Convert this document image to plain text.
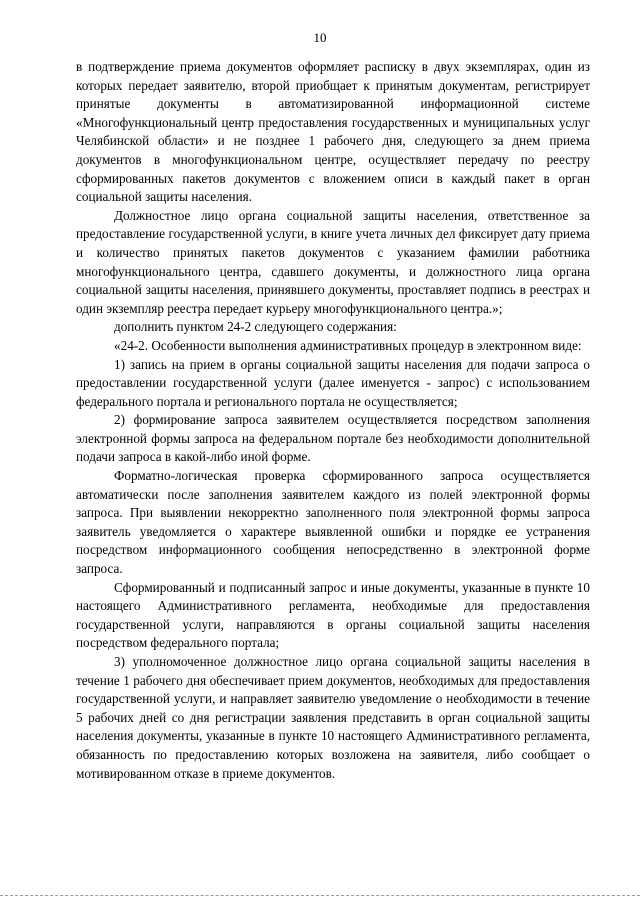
10

в подтверждение приема документов оформляет расписку в двух экземплярах, один из которых передает заявителю, второй приобщает к принятым документам, регистрирует принятые документы в автоматизированной информационной системе «Многофункциональный центр предоставления государственных и муниципальных услуг Челябинской области» и не позднее 1 рабочего дня, следующего за днем приема документов в многофункциональном центре, осуществляет передачу по реестру сформированных пакетов документов с вложением описи в каждый пакет в орган социальной защиты населения.

Должностное лицо органа социальной защиты населения, ответственное за предоставление государственной услуги, в книге учета личных дел фиксирует дату приема и количество принятых пакетов документов с указанием фамилии работника многофункционального центра, сдавшего документы, и должностного лица органа социальной защиты населения, принявшего документы, проставляет подпись в реестрах и один экземпляр реестра передает курьеру многофункционального центра.»;

дополнить пунктом 24-2 следующего содержания:

«24-2. Особенности выполнения административных процедур в электронном виде:

1) запись на прием в органы социальной защиты населения для подачи запроса о предоставлении государственной услуги (далее именуется - запрос) с использованием федерального портала и регионального портала не осуществляется;

2) формирование запроса заявителем осуществляется посредством заполнения электронной формы запроса на федеральном портале без необходимости дополнительной подачи запроса в какой-либо иной форме.

Форматно-логическая проверка сформированного запроса осуществляется автоматически после заполнения заявителем каждого из полей электронной формы запроса. При выявлении некорректно заполненного поля электронной формы запроса заявитель уведомляется о характере выявленной ошибки и порядке ее устранения посредством информационного сообщения непосредственно в электронной форме запроса.

Сформированный и подписанный запрос и иные документы, указанные в пункте 10 настоящего Административного регламента, необходимые для предоставления государственной услуги, направляются в органы социальной защиты населения посредством федерального портала;

3) уполномоченное должностное лицо органа социальной защиты населения в течение 1 рабочего дня обеспечивает прием документов, необходимых для предоставления государственной услуги, и направляет заявителю уведомление о необходимости в течение 5 рабочих дней со дня регистрации заявления представить в орган социальной защиты населения документы, указанные в пункте 10 настоящего Административного регламента, обязанность по предоставлению которых возложена на заявителя, либо сообщает о мотивированном отказе в приеме документов.
